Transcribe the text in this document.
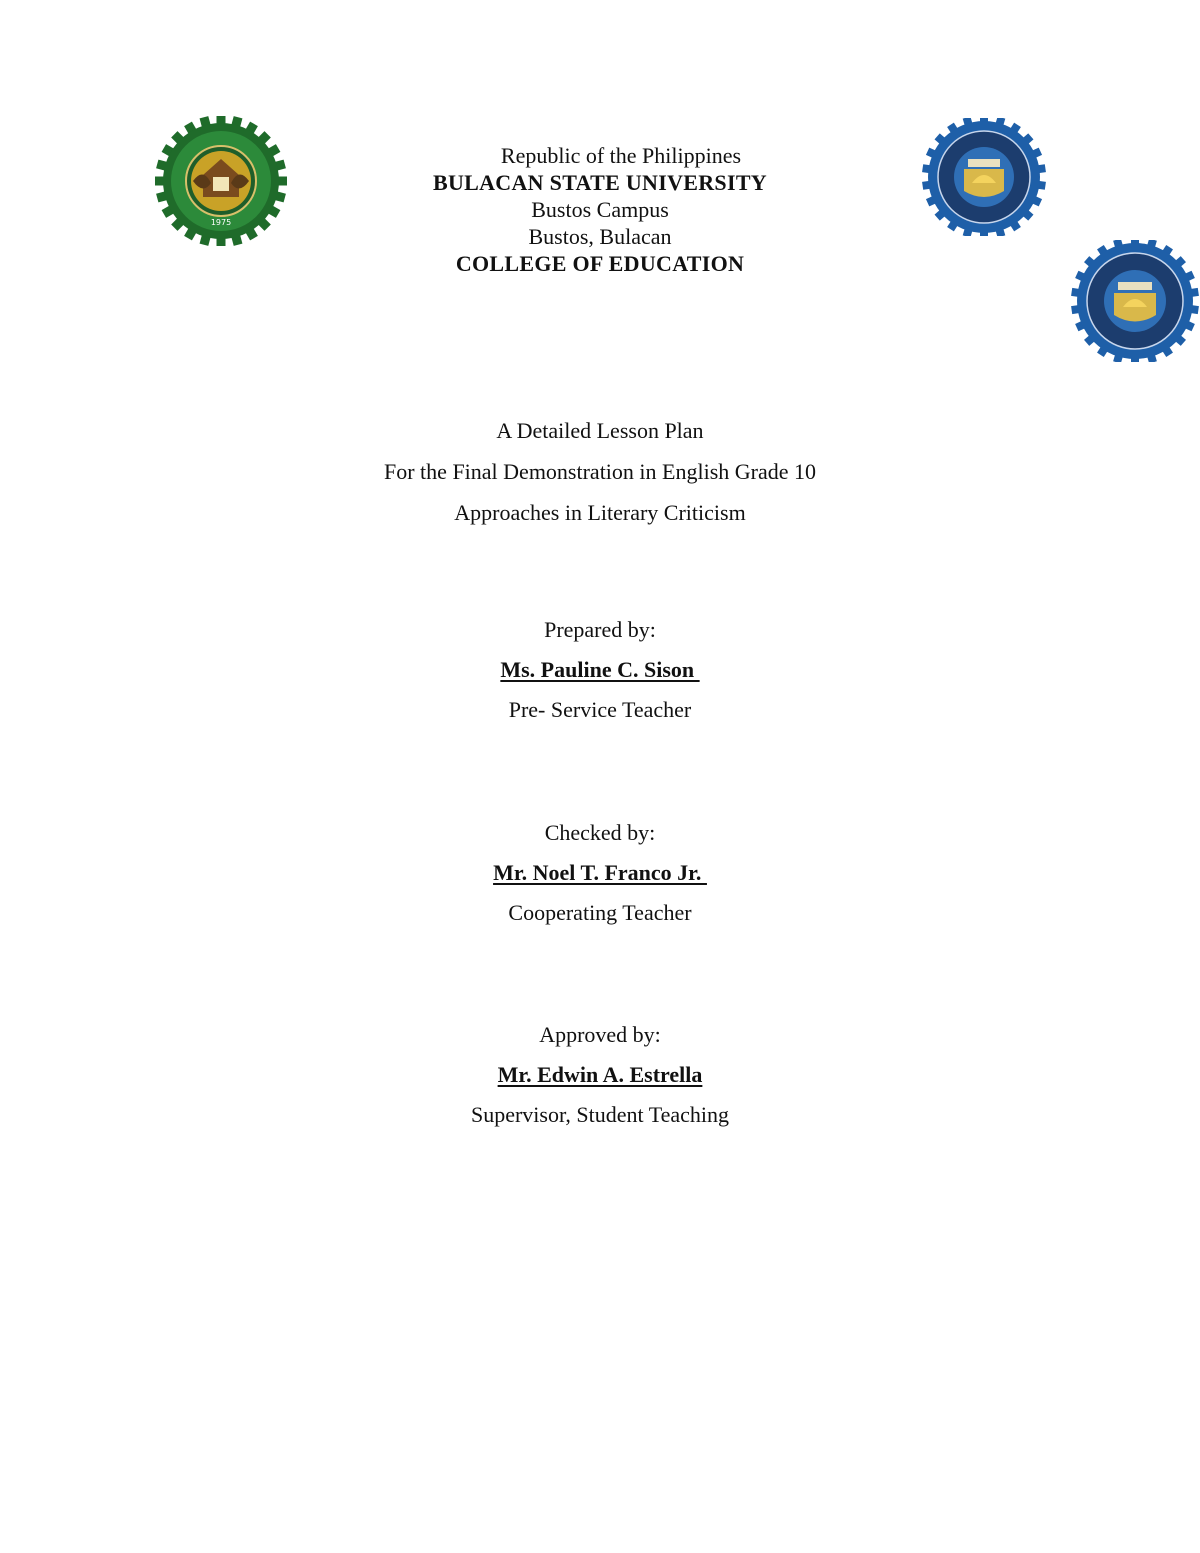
1975
Republic of the Philippines
BULACAN STATE UNIVERSITY
Bustos Campus
Bustos, Bulacan
COLLEGE OF EDUCATION
A Detailed Lesson Plan
For the Final Demonstration in English Grade 10
Approaches in Literary Criticism
Prepared by:
Ms. Pauline C. Sison
Pre- Service Teacher
Checked by:
Mr. Noel T. Franco Jr.
Cooperating Teacher
Approved by:
Mr. Edwin A. Estrella
Supervisor, Student Teaching
